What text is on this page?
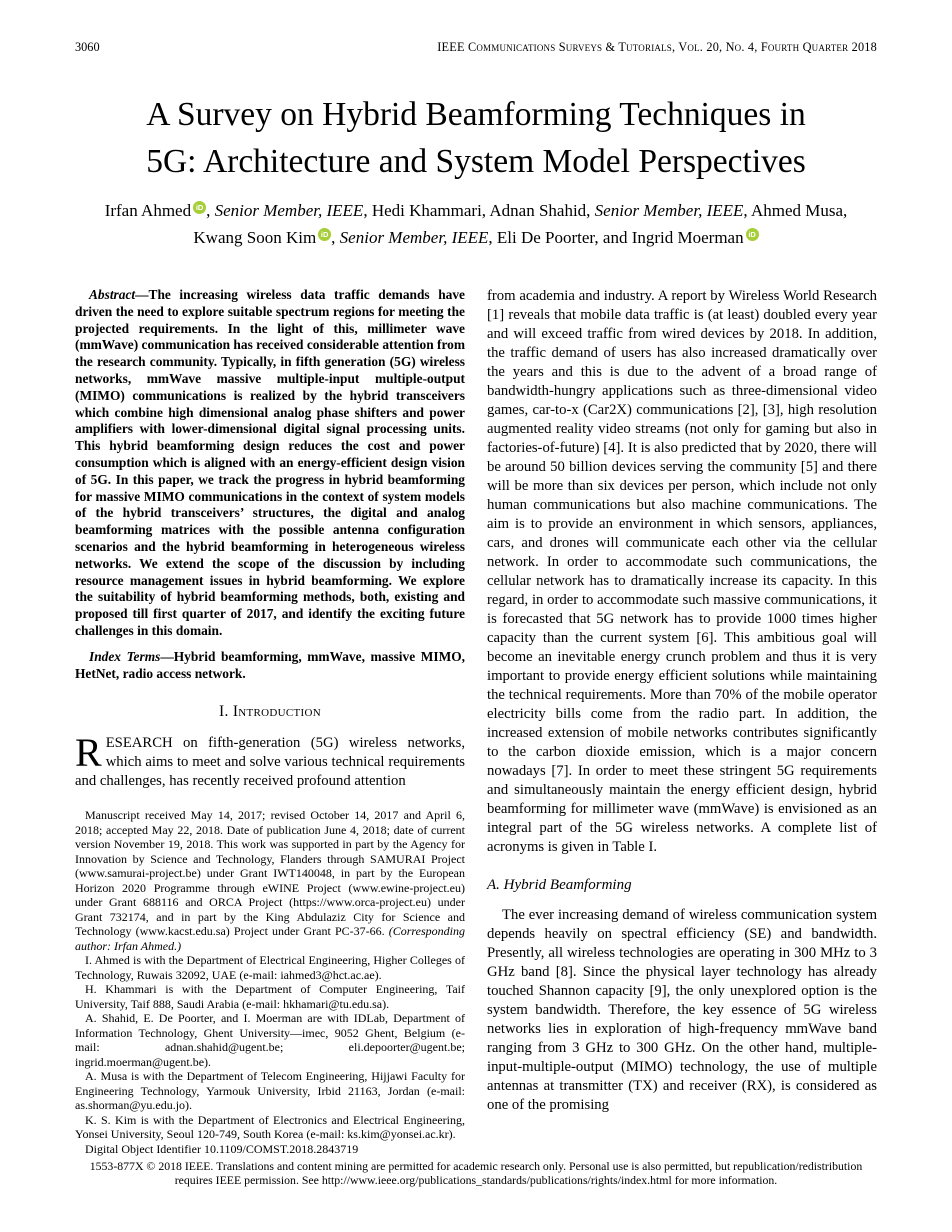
3060	IEEE Communications Surveys & Tutorials, Vol. 20, No. 4, Fourth Quarter 2018
A Survey on Hybrid Beamforming Techniques in
5G: Architecture and System Model Perspectives
Irfan Ahmed iD , Senior Member, IEEE, Hedi Khammari, Adnan Shahid, Senior Member, IEEE, Ahmed Musa,
Kwang Soon Kim iD , Senior Member, IEEE, Eli De Poorter, and Ingrid Moerman iD

Abstract—The increasing wireless data traffic demands have driven the need to explore suitable spectrum regions for meeting the projected requirements. In the light of this, millimeter wave (mmWave) communication has received considerable attention from the research community. Typically, in fifth generation (5G) wireless networks, mmWave massive multiple-input multiple-output (MIMO) communications is realized by the hybrid transceivers which combine high dimensional analog phase shifters and power amplifiers with lower-dimensional digital signal processing units. This hybrid beamforming design reduces the cost and power consumption which is aligned with an energy-efficient design vision of 5G. In this paper, we track the progress in hybrid beamforming for massive MIMO communications in the context of system models of the hybrid transceivers’ structures, the digital and analog beamforming matrices with the possible antenna configuration scenarios and the hybrid beamforming in heterogeneous wireless networks. We extend the scope of the discussion by including resource management issues in hybrid beamforming. We explore the suitability of hybrid beamforming methods, both, existing and proposed till first quarter of 2017, and identify the exciting future challenges in this domain.

Index Terms—Hybrid beamforming, mmWave, massive MIMO, HetNet, radio access network.

I. Introduction

RESEARCH on fifth-generation (5G) wireless networks, which aims to meet and solve various technical requirements and challenges, has recently received profound attention

Manuscript received May 14, 2017; revised October 14, 2017 and April 6, 2018; accepted May 22, 2018. Date of publication June 4, 2018; date of current version November 19, 2018. This work was supported in part by the Agency for Innovation by Science and Technology, Flanders through SAMURAI Project (www.samurai-project.be) under Grant IWT140048, in part by the European Horizon 2020 Programme through eWINE Project (www.ewine-project.eu) under Grant 688116 and ORCA Project (https://www.orca-project.eu) under Grant 732174, and in part by the King Abdulaziz City for Science and Technology (www.kacst.edu.sa) Project under Grant PC-37-66. (Corresponding author: Irfan Ahmed.)

I. Ahmed is with the Department of Electrical Engineering, Higher Colleges of Technology, Ruwais 32092, UAE (e-mail: iahmed3@hct.ac.ae).

H. Khammari is with the Department of Computer Engineering, Taif University, Taif 888, Saudi Arabia (e-mail: hkhamari@tu.edu.sa).

A. Shahid, E. De Poorter, and I. Moerman are with IDLab, Department of Information Technology, Ghent University—imec, 9052 Ghent, Belgium (e-mail: adnan.shahid@ugent.be; eli.depoorter@ugent.be; ingrid.moerman@ugent.be).

A. Musa is with the Department of Telecom Engineering, Hijjawi Faculty for Engineering Technology, Yarmouk University, Irbid 21163, Jordan (e-mail: as.shorman@yu.edu.jo).

K. S. Kim is with the Department of Electronics and Electrical Engineering, Yonsei University, Seoul 120-749, South Korea (e-mail: ks.kim@yonsei.ac.kr).

Digital Object Identifier 10.1109/COMST.2018.2843719

from academia and industry. A report by Wireless World Research [1] reveals that mobile data traffic is (at least) doubled every year and will exceed traffic from wired devices by 2018. In addition, the traffic demand of users has also increased dramatically over the years and this is due to the advent of a broad range of bandwidth-hungry applications such as three-dimensional video games, car-to-x (Car2X) communications [2], [3], high resolution augmented reality video streams (not only for gaming but also in factories-of-future) [4]. It is also predicted that by 2020, there will be around 50 billion devices serving the community [5] and there will be more than six devices per person, which include not only human communications but also machine communications. The aim is to provide an environment in which sensors, appliances, cars, and drones will communicate each other via the cellular network. In order to accommodate such communications, the cellular network has to dramatically increase its capacity. In this regard, in order to accommodate such massive communications, it is forecasted that 5G network has to provide 1000 times higher capacity than the current system [6]. This ambitious goal will become an inevitable energy crunch problem and thus it is very important to provide energy efficient solutions while maintaining the technical requirements. More than 70% of the mobile operator electricity bills come from the radio part. In addition, the increased extension of mobile networks contributes significantly to the carbon dioxide emission, which is a major concern nowadays [7]. In order to meet these stringent 5G requirements and simultaneously maintain the energy efficient design, hybrid beamforming for millimeter wave (mmWave) is envisioned as an integral part of the 5G wireless networks. A complete list of acronyms is given in Table I.

A. Hybrid Beamforming

The ever increasing demand of wireless communication system depends heavily on spectral efficiency (SE) and bandwidth. Presently, all wireless technologies are operating in 300 MHz to 3 GHz band [8]. Since the physical layer technology has already touched Shannon capacity [9], the only unexplored option is the system bandwidth. Therefore, the key essence of 5G wireless networks lies in exploration of high-frequency mmWave band ranging from 3 GHz to 300 GHz. On the other hand, multiple-input-multiple-output (MIMO) technology, the use of multiple antennas at transmitter (TX) and receiver (RX), is considered as one of the promising

1553-877X © 2018 IEEE. Translations and content mining are permitted for academic research only. Personal use is also permitted, but republication/redistribution requires IEEE permission. See http://www.ieee.org/publications_standards/publications/rights/index.html for more information.
